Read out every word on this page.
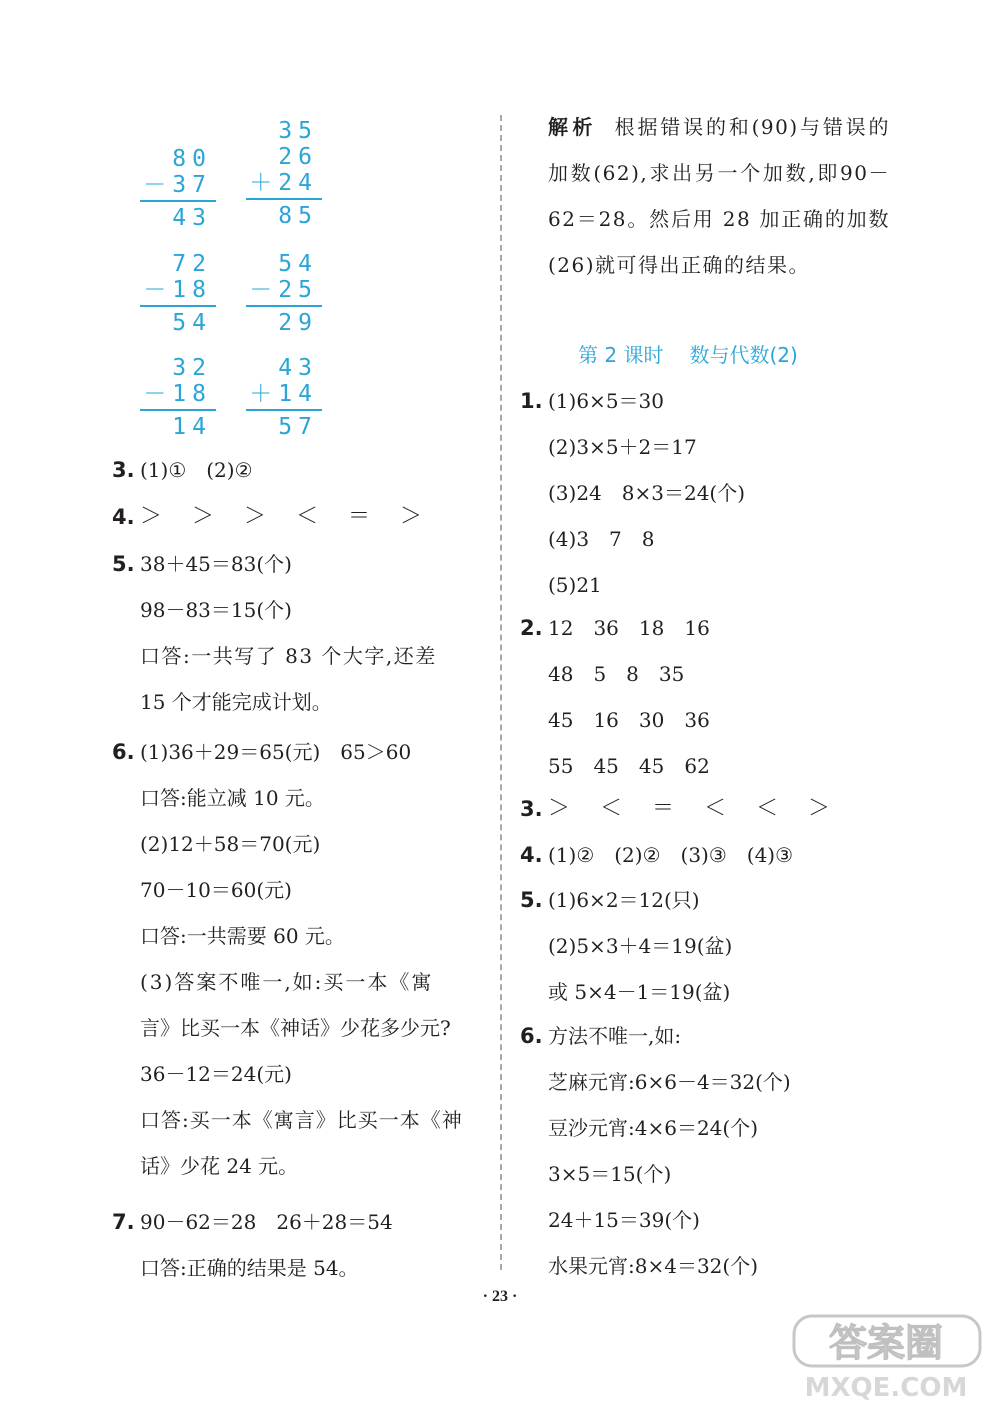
80
－37
43
35
26
＋24
85
72
－18
54
54
－25
29
32
－18
14
43
＋14
57
3. (1)①　(2)②
4. ＞　＞　＞　＜　＝　＞
5. 38＋45＝83(个)
98－83＝15(个)
口答:一共写了 83 个大字,还差
15 个才能完成计划。
6. (1)36＋29＝65(元)　65＞60
口答:能立减 10 元。
(2)12＋58＝70(元)
70－10＝60(元)
口答:一共需要 60 元。
(3)答案不唯一,如:买一本《寓
言》比买一本《神话》少花多少元?
36－12＝24(元)
口答:买一本《寓言》比买一本《神
话》少花 24 元。
7. 90－62＝28　26＋28＝54
口答:正确的结果是 54。
解析 根据错误的和(90)与错误的加数(62),求出另一个加数,即90－62＝28。然后用 28 加正确的加数(26)就可得出正确的结果。
第 2 课时 数与代数(2)
1. (1)6×5＝30
(2)3×5＋2＝17
(3)24　8×3＝24(个)
(4)3　7　8
(5)21
2. 12　36　18　16
48　5　8　35
45　16　30　36
55　45　45　62
3. ＞　＜　＝　＜　＜　＞
4. (1)②　(2)②　(3)③　(4)③
5. (1)6×2＝12(只)
(2)5×3＋4＝19(盆)
或 5×4－1＝19(盆)
6. 方法不唯一,如:
芝麻元宵:6×6－4＝32(个)
豆沙元宵:4×6＝24(个)
3×5＝15(个)
24＋15＝39(个)
水果元宵:8×4＝32(个)
· 23 ·
答案圈
MXQE.COM
